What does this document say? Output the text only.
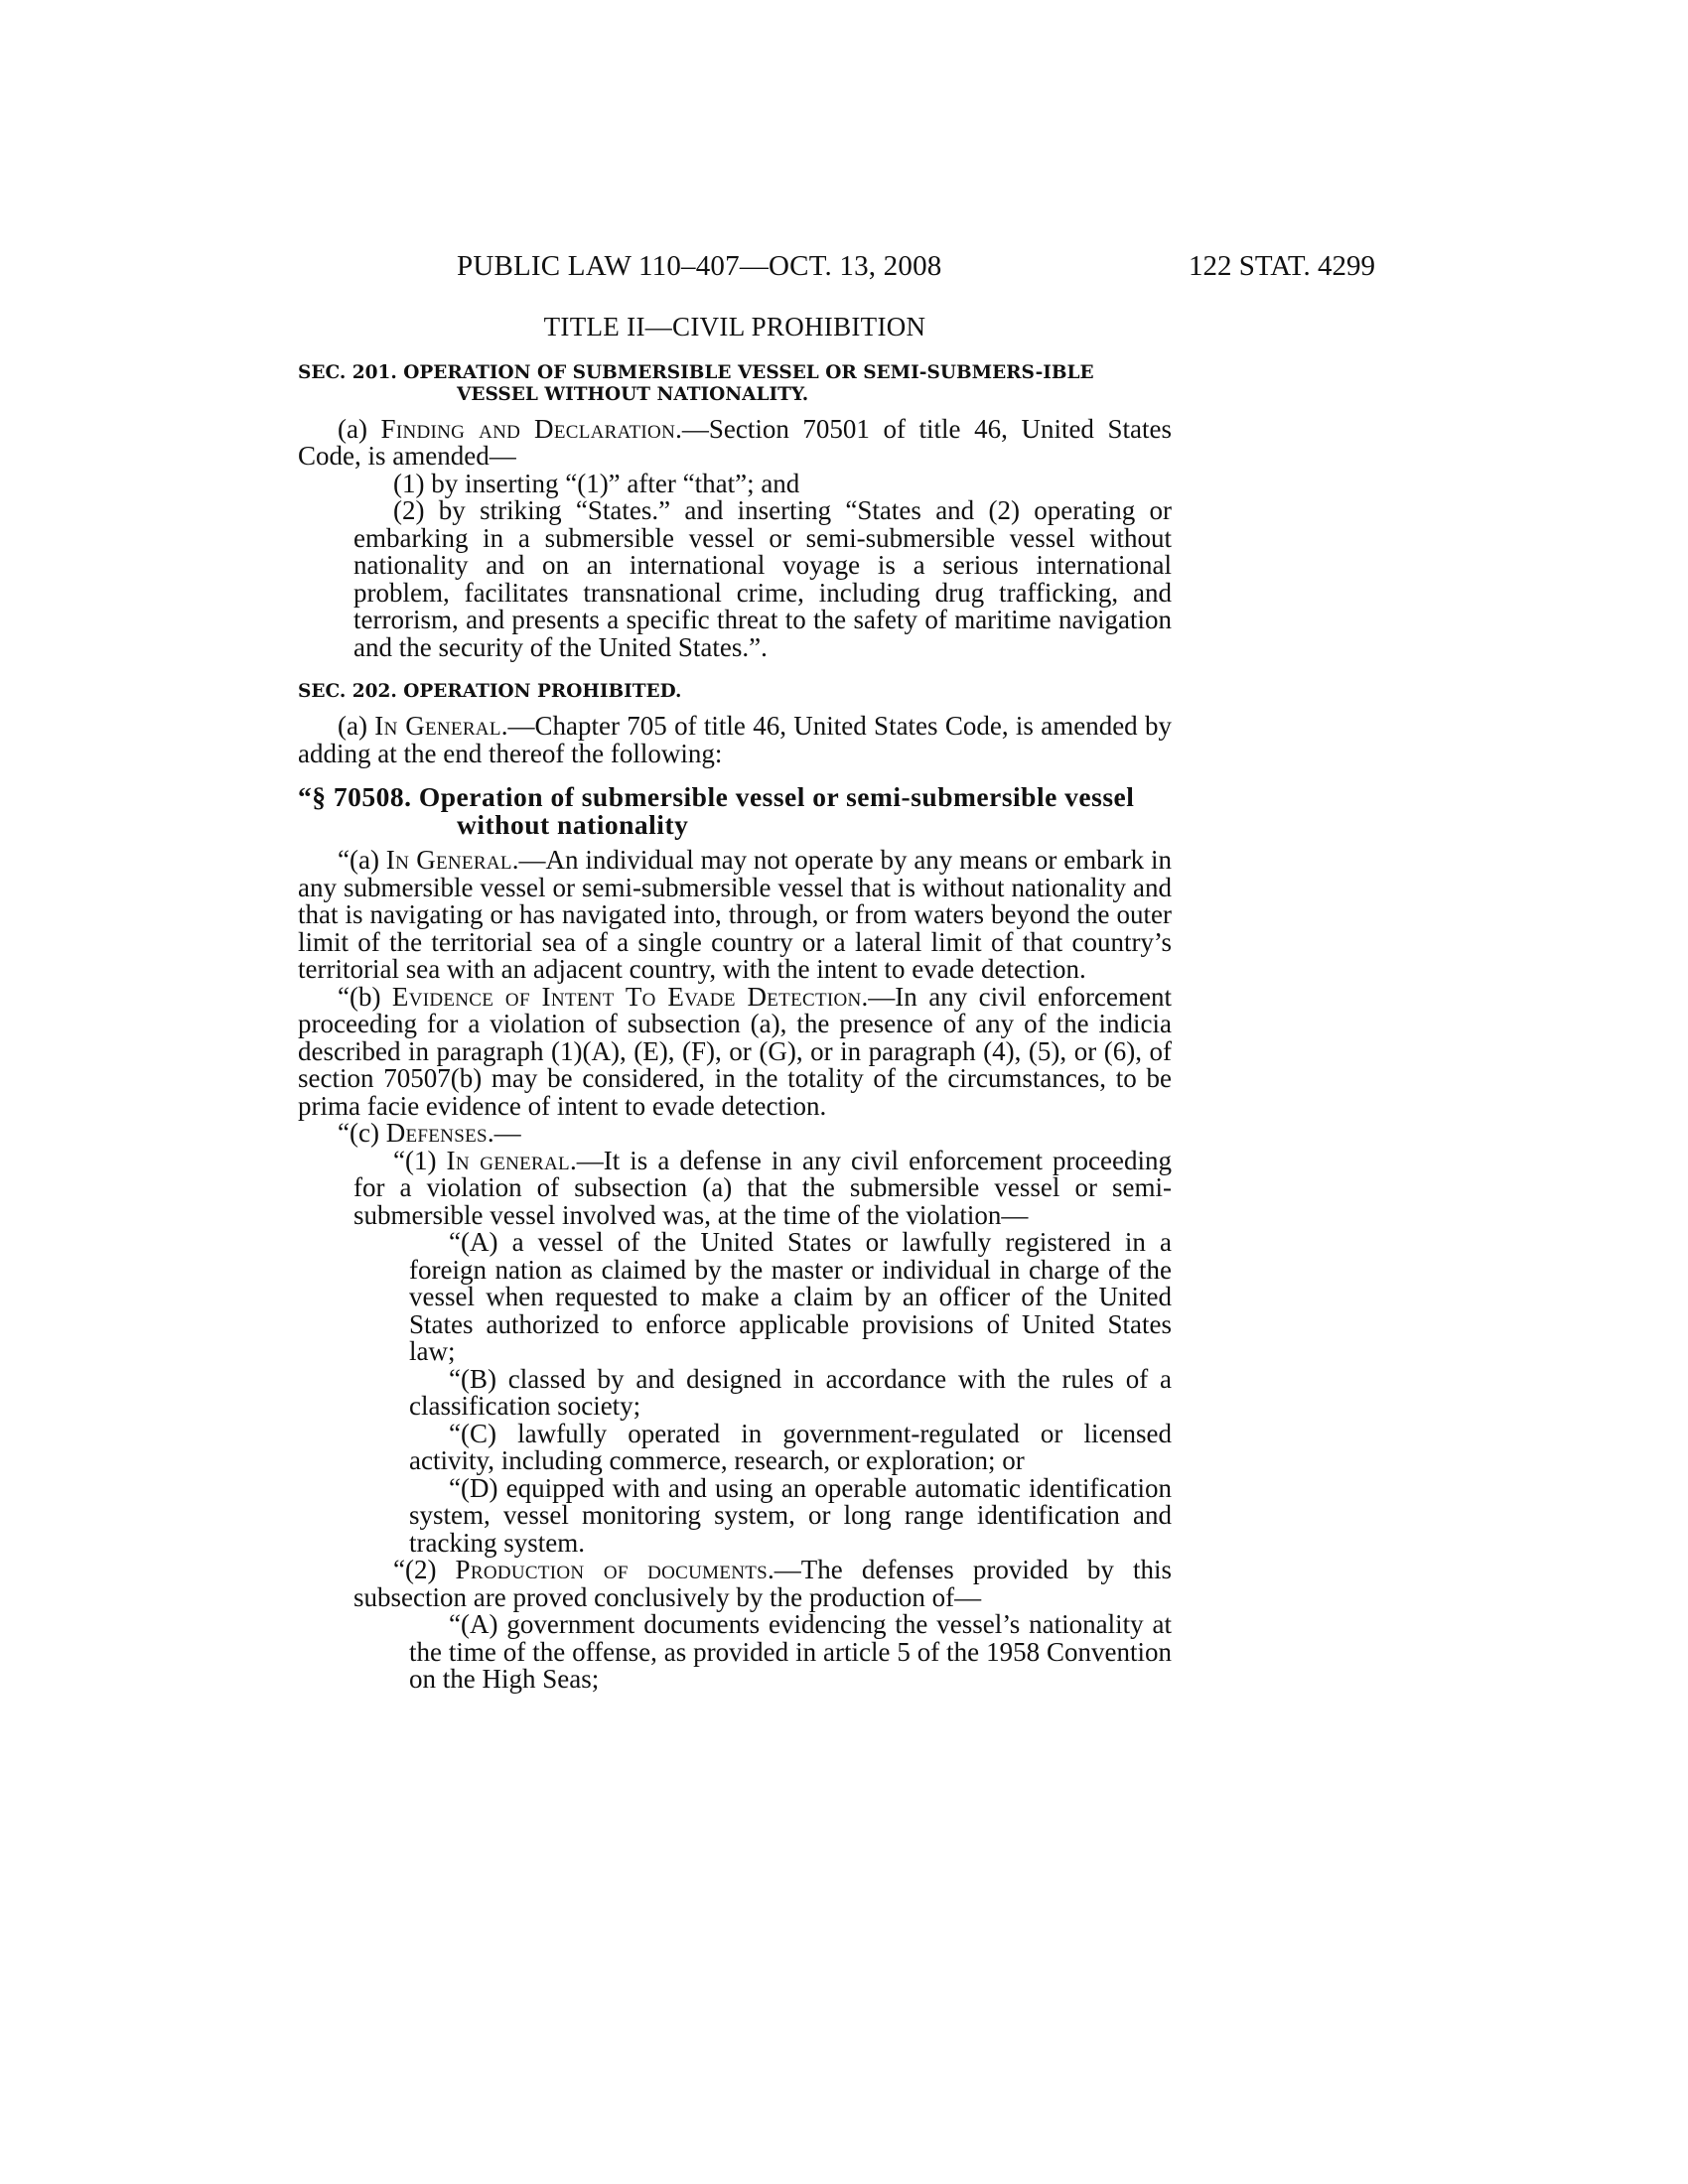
PUBLIC LAW 110–407—OCT. 13, 2008	122 STAT. 4299
TITLE II—CIVIL PROHIBITION
SEC. 201. OPERATION OF SUBMERSIBLE VESSEL OR SEMI-SUBMERS-IBLE VESSEL WITHOUT NATIONALITY.

(a) Finding and Declaration.—Section 70501 of title 46, United States Code, is amended—

(1) by inserting “(1)” after “that”; and

(2) by striking “States.” and inserting “States and (2) operating or embarking in a submersible vessel or semi-submersible vessel without nationality and on an international voyage is a serious international problem, facilitates transnational crime, including drug trafficking, and terrorism, and presents a specific threat to the safety of maritime navigation and the security of the United States.”.

SEC. 202. OPERATION PROHIBITED.

(a) In General.—Chapter 705 of title 46, United States Code, is amended by adding at the end thereof the following:

“§ 70508. Operation of submersible vessel or semi-submersible vessel without nationality

“(a) In General.—An individual may not operate by any means or embark in any submersible vessel or semi-submersible vessel that is without nationality and that is navigating or has navigated into, through, or from waters beyond the outer limit of the territorial sea of a single country or a lateral limit of that country’s territorial sea with an adjacent country, with the intent to evade detection.

“(b) Evidence of Intent To Evade Detection.—In any civil enforcement proceeding for a violation of subsection (a), the presence of any of the indicia described in paragraph (1)(A), (E), (F), or (G), or in paragraph (4), (5), or (6), of section 70507(b) may be considered, in the totality of the circumstances, to be prima facie evidence of intent to evade detection.

“(c) Defenses.—

“(1) In general.—It is a defense in any civil enforcement proceeding for a violation of subsection (a) that the submersible vessel or semi-submersible vessel involved was, at the time of the violation—

“(A) a vessel of the United States or lawfully registered in a foreign nation as claimed by the master or individual in charge of the vessel when requested to make a claim by an officer of the United States authorized to enforce applicable provisions of United States law;

“(B) classed by and designed in accordance with the rules of a classification society;

“(C) lawfully operated in government-regulated or licensed activity, including commerce, research, or exploration; or

“(D) equipped with and using an operable automatic identification system, vessel monitoring system, or long range identification and tracking system.

“(2) Production of documents.—The defenses provided by this subsection are proved conclusively by the production of—

“(A) government documents evidencing the vessel’s nationality at the time of the offense, as provided in article 5 of the 1958 Convention on the High Seas;
